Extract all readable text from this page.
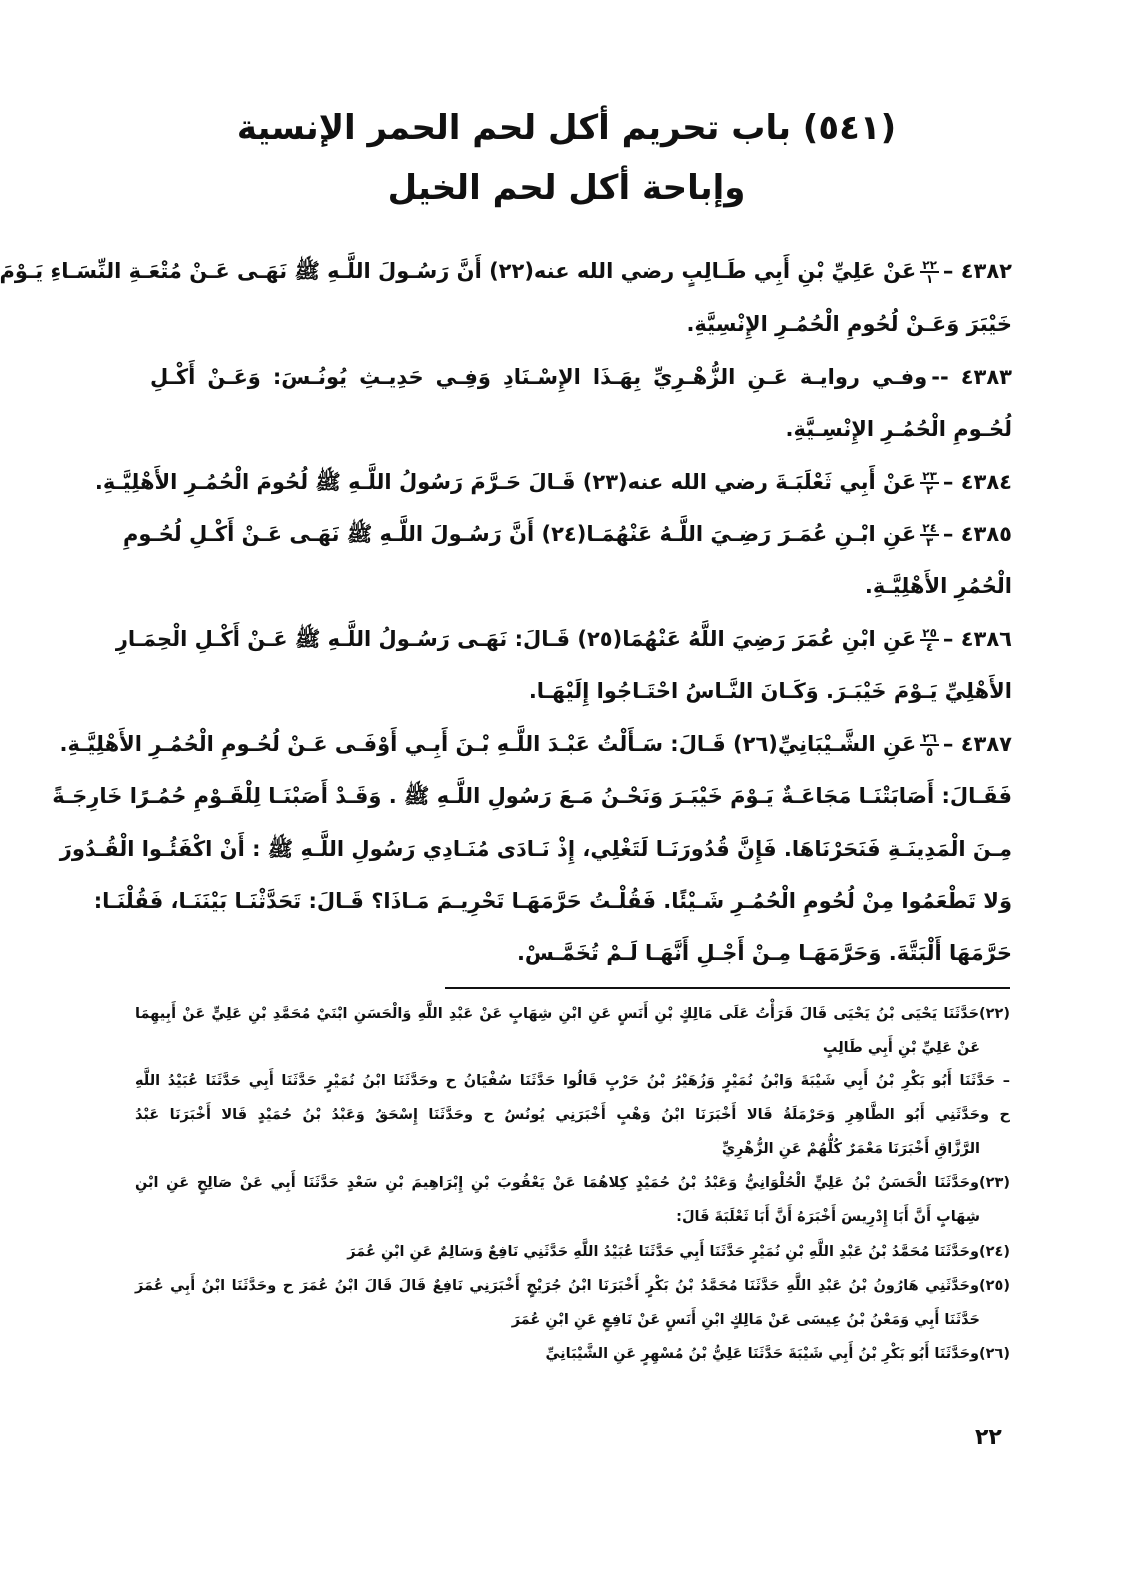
(٥٤١) باب تحريم أكل لحم الحمر الإنسية
وإباحة أكل لحم الخيل
٤٣٨٢ –
$\frac{٢٢}{١}$
عَنْ عَلِيِّ بْنِ أَبِي طَـالِبٍ رضي الله عنه(٢٢) أَنَّ رَسُـولَ اللَّـهِ ﷺ نَهَـى عَـنْ مُتْعَـةِ النِّسَـاءِ يَـوْمَ
خَيْبَرَ وَعَـنْ لُحُومِ الْحُمُـرِ الإِنْسِيَّةِ.
٤٣٨٣ --وفـي روايـة عَـنِ الزُّهْـرِيِّ بِهَـذَا الإِسْـنَادِ وَفِـي حَدِيـثِ يُونُـسَ: وَعَـنْ أَكْـلِ
لُحُـومِ الْحُمُـرِ الإِنْسِـيَّةِ.
٤٣٨٤ –
$\frac{٢٣}{٢}$
عَنْ أَبِي ثَعْلَبَـةَ رضي الله عنه(٢٣) قَـالَ حَـرَّمَ رَسُولُ اللَّـهِ ﷺ لُحُومَ الْحُمُـرِ الأَهْلِيَّـةِ.
٤٣٨٥ –
$\frac{٢٤}{٣}$
عَنِ ابْـنِ عُمَـرَ رَضِـيَ اللَّـهُ عَنْهُمَـا(٢٤) أَنَّ رَسُـولَ اللَّـهِ ﷺ نَهَـى عَـنْ أَكْـلِ لُحُـومِ
الْحُمُرِ الأَهْلِيَّـةِ.
٤٣٨٦ –
$\frac{٢٥}{٤}$
عَنِ ابْنِ عُمَرَ رَضِيَ اللَّهُ عَنْهُمَا(٢٥) قَـالَ: نَهَـى رَسُـولُ اللَّـهِ ﷺ عَـنْ أَكْـلِ الْحِمَـارِ
الأَهْلِيِّ يَـوْمَ خَيْبَـرَ. وَكَـانَ النَّـاسُ احْتَـاجُوا إِلَيْهَـا.
٤٣٨٧ –
$\frac{٢٦}{٥}$
عَنِ الشَّـيْبَانِيِّ(٢٦) قَـالَ: سَـأَلْتُ عَبْـدَ اللَّـهِ بْـنَ أَبِـي أَوْفَـى عَـنْ لُحُـومِ الْحُمُـرِ الأَهْلِيَّـةِ.
فَقَـالَ: أَصَابَتْنَـا مَجَاعَـةٌ يَـوْمَ خَيْبَـرَ وَنَحْـنُ مَـعَ رَسُولِ اللَّـهِ ﷺ . وَقَـدْ أَصَبْنَـا لِلْقَـوْمِ حُمُـرًا خَارِجَـةً
مِـنَ الْمَدِينَـةِ فَنَحَرْنَاهَا. فَإِنَّ قُدُورَنَـا لَتَغْلِي، إِذْ نَـادَى مُنَـادِي رَسُولِ اللَّـهِ ﷺ : أَنْ اكْفَئُـوا الْقُـدُورَ
وَلا تَطْعَمُوا مِنْ لُحُومِ الْحُمُـرِ شَـيْئًا. فَقُلْـتُ حَرَّمَهَـا تَحْرِيـمَ مَـاذَا؟ قَـالَ: تَحَدَّثْنَـا بَيْنَنَـا، فَقُلْنَـا:
حَرَّمَهَا أَلْبَتَّةَ. وَحَرَّمَهَـا مِـنْ أَجْـلِ أَنَّهَـا لَـمْ تُخَمَّـسْ.
(٢٢)حَدَّثَنَا يَحْيَى بْنُ يَحْيَى قَالَ قَرَأْتُ عَلَى مَالِكٍ بْنِ أَنَسٍ عَنِ ابْنِ شِهَابٍ عَنْ عَبْدِ اللَّهِ وَالْحَسَنِ ابْنَيْ مُحَمَّدِ بْنِ عَلِيٍّ عَنْ أَبِيهِمَا
عَنْ عَلِيِّ بْنِ أَبِي طَالِبٍ
– حَدَّثَنَا أَبُو بَكْرِ بْنُ أَبِي شَيْبَةَ وَابْنُ نُمَيْرٍ وَزُهَيْرُ بْنُ حَرْبٍ قَالُوا حَدَّثَنَا سُفْيَانُ ح وحَدَّثَنَا ابْنُ نُمَيْرٍ حَدَّثَنَا أَبِي حَدَّثَنَا عُبَيْدُ اللَّهِ
ح وحَدَّثَنِي أَبُو الطَّاهِرِ وَحَرْمَلَةُ قَالا أَخْبَرَنَا ابْنُ وَهْبٍ أَخْبَرَنِي يُونُسُ ح وحَدَّثَنَا إِسْحَقُ وَعَبْدُ بْنُ حُمَيْدٍ قَالا أَخْبَرَنَا عَبْدُ
الرَّزَّاقِ أَخْبَرَنَا مَعْمَرٌ كُلُّهُمْ عَنِ الزُّهْرِيِّ
(٢٣)وحَدَّثَنَا الْحَسَنُ بْنُ عَلِيٍّ الْحُلْوَانِيُّ وَعَبْدُ بْنُ حُمَيْدٍ كِلاهُمَا عَنْ يَعْقُوبَ بْنِ إِبْرَاهِيمَ بْنِ سَعْدٍ حَدَّثَنَا أَبِي عَنْ صَالِحٍ عَنِ ابْنِ
شِهَابٍ أَنَّ أَبَا إِدْرِيسَ أَخْبَرَهُ أَنَّ أَبَا ثَعْلَبَةَ قَالَ:
(٢٤)وحَدَّثَنَا مُحَمَّدُ بْنُ عَبْدِ اللَّهِ بْنِ نُمَيْرٍ حَدَّثَنَا أَبِي حَدَّثَنَا عُبَيْدُ اللَّهِ حَدَّثَنِي نَافِعٌ وَسَالِمٌ عَنِ ابْنِ عُمَرَ
(٢٥)وحَدَّثَنِي هَارُونُ بْنُ عَبْدِ اللَّهِ حَدَّثَنَا مُحَمَّدُ بْنُ بَكْرٍ أَخْبَرَنَا ابْنُ جُرَيْجٍ أَخْبَرَنِي نَافِعٌ قَالَ قَالَ ابْنُ عُمَرَ ح وحَدَّثَنَا ابْنُ أَبِي عُمَرَ
حَدَّثَنَا أَبِي وَمَعْنُ بْنُ عِيسَى عَنْ مَالِكٍ ابْنِ أَنَسٍ عَنْ نَافِعٍ عَنِ ابْنِ عُمَرَ
(٢٦)وحَدَّثَنَا أَبُو بَكْرِ بْنُ أَبِي شَيْبَةَ حَدَّثَنَا عَلِيُّ بْنُ مُسْهِرٍ عَنِ الشَّيْبَانِيِّ
٢٢
